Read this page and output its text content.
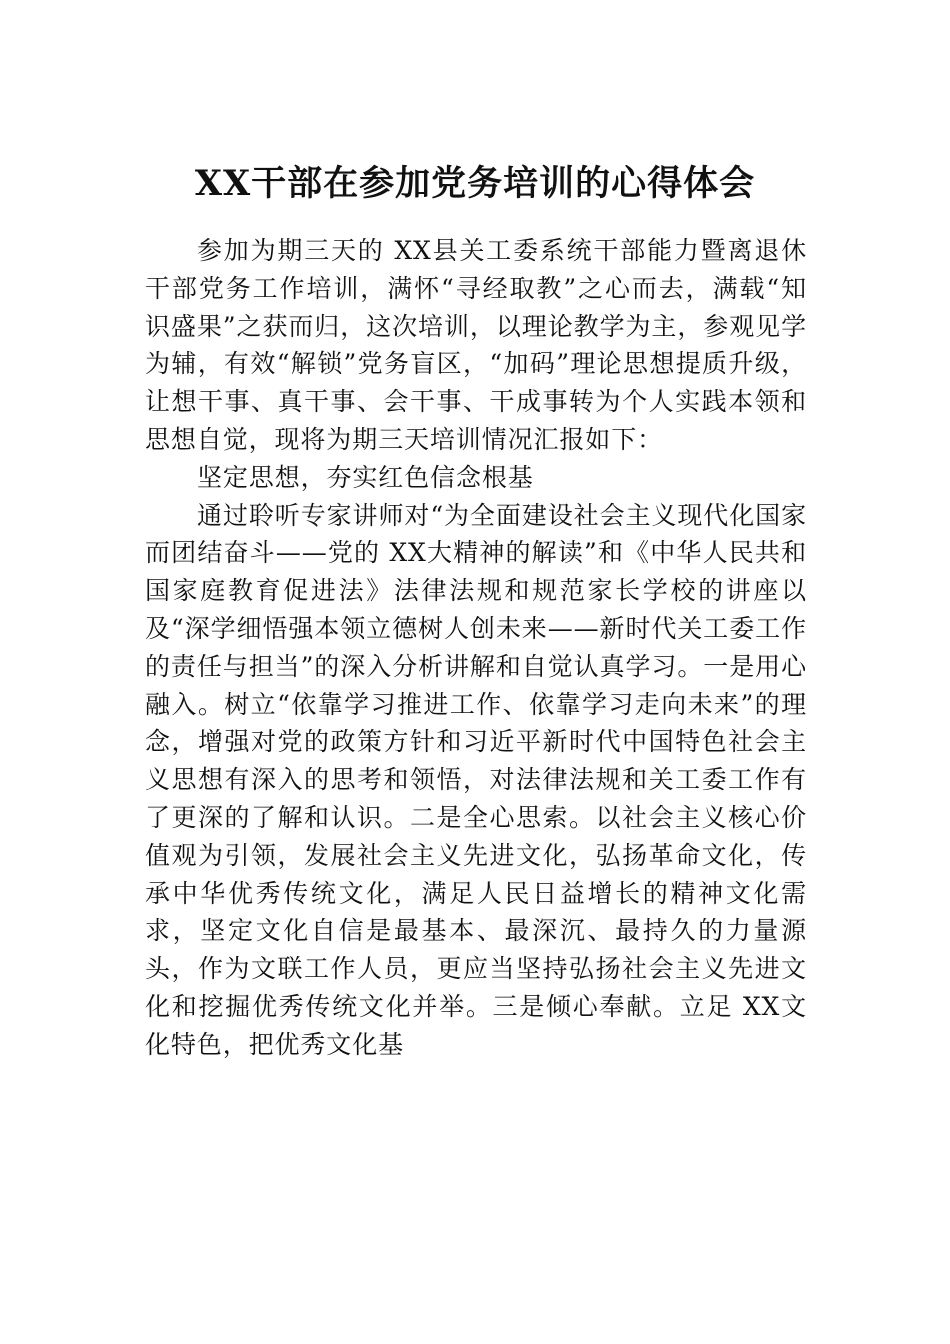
XX干部在参加党务培训的心得体会

参加为期三天的 XX县关工委系统干部能力暨离退休干部党务工作培训，满怀“寻经取教”之心而去，满载“知识盛果”之获而归，这次培训，以理论教学为主，参观见学为辅，有效“解锁”党务盲区，“加码”理论思想提质升级，让想干事、真干事、会干事、干成事转为个人实践本领和思想自觉，现将为期三天培训情况汇报如下：

坚定思想，夯实红色信念根基

通过聆听专家讲师对“为全面建设社会主义现代化国家而团结奋斗——党的 XX大精神的解读”和《中华人民共和国家庭教育促进法》法律法规和规范家长学校的讲座以及“深学细悟强本领立德树人创未来——新时代关工委工作的责任与担当”的深入分析讲解和自觉认真学习。一是用心融入。树立“依靠学习推进工作、依靠学习走向未来”的理念，增强对党的政策方针和习近平新时代中国特色社会主义思想有深入的思考和领悟，对法律法规和关工委工作有了更深的了解和认识。二是全心思索。以社会主义核心价值观为引领，发展社会主义先进文化，弘扬革命文化，传承中华优秀传统文化，满足人民日益增长的精神文化需求，坚定文化自信是最基本、最深沉、最持久的力量源头，作为文联工作人员，更应当坚持弘扬社会主义先进文化和挖掘优秀传统文化并举。三是倾心奉献。立足 XX文化特色，把优秀文化基
